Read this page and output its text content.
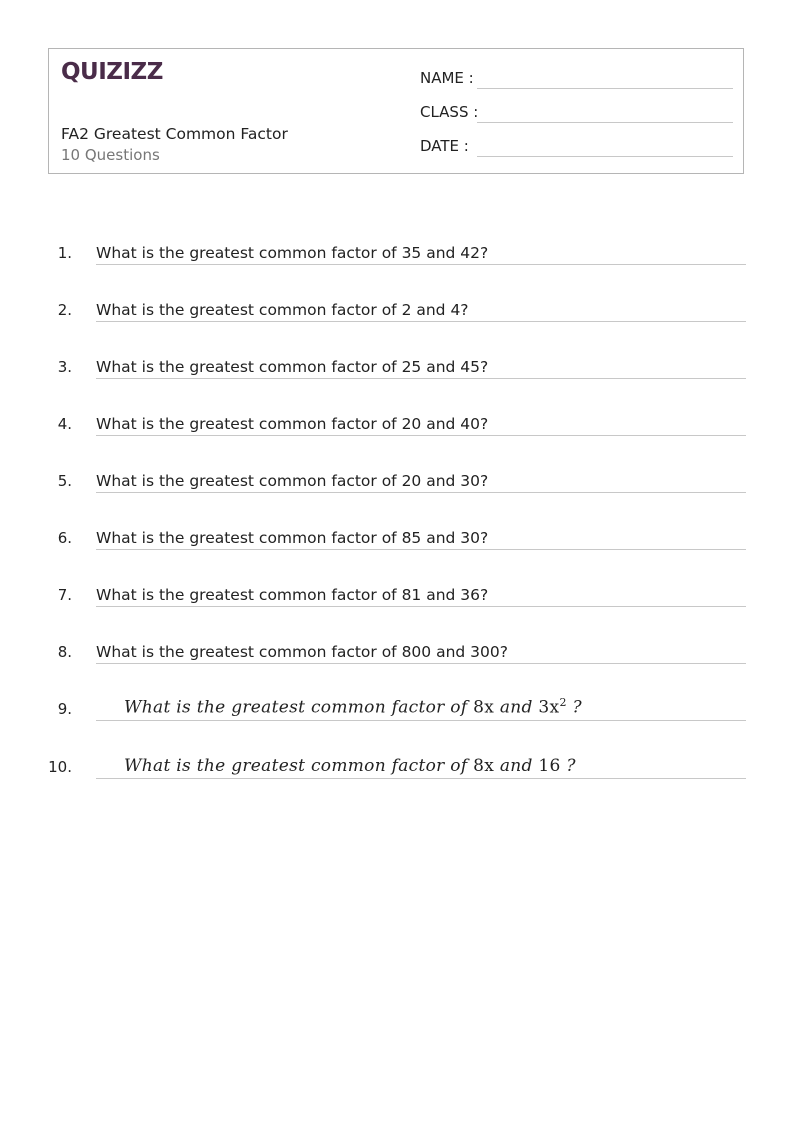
QUIZIZZ
FA2 Greatest Common Factor
10 Questions
NAME :
CLASS :
DATE :
1. What is the greatest common factor of 35 and 42?
2. What is the greatest common factor of 2 and 4?
3. What is the greatest common factor of 25 and 45?
4. What is the greatest common factor of 20 and 40?
5. What is the greatest common factor of 20 and 30?
6. What is the greatest common factor of 85 and 30?
7. What is the greatest common factor of 81 and 36?
8. What is the greatest common factor of 800 and 300?
9.	What is the greatest common factor of 8x and $3x^2$ ?
10.	What is the greatest common factor of 8x and 16 ?
